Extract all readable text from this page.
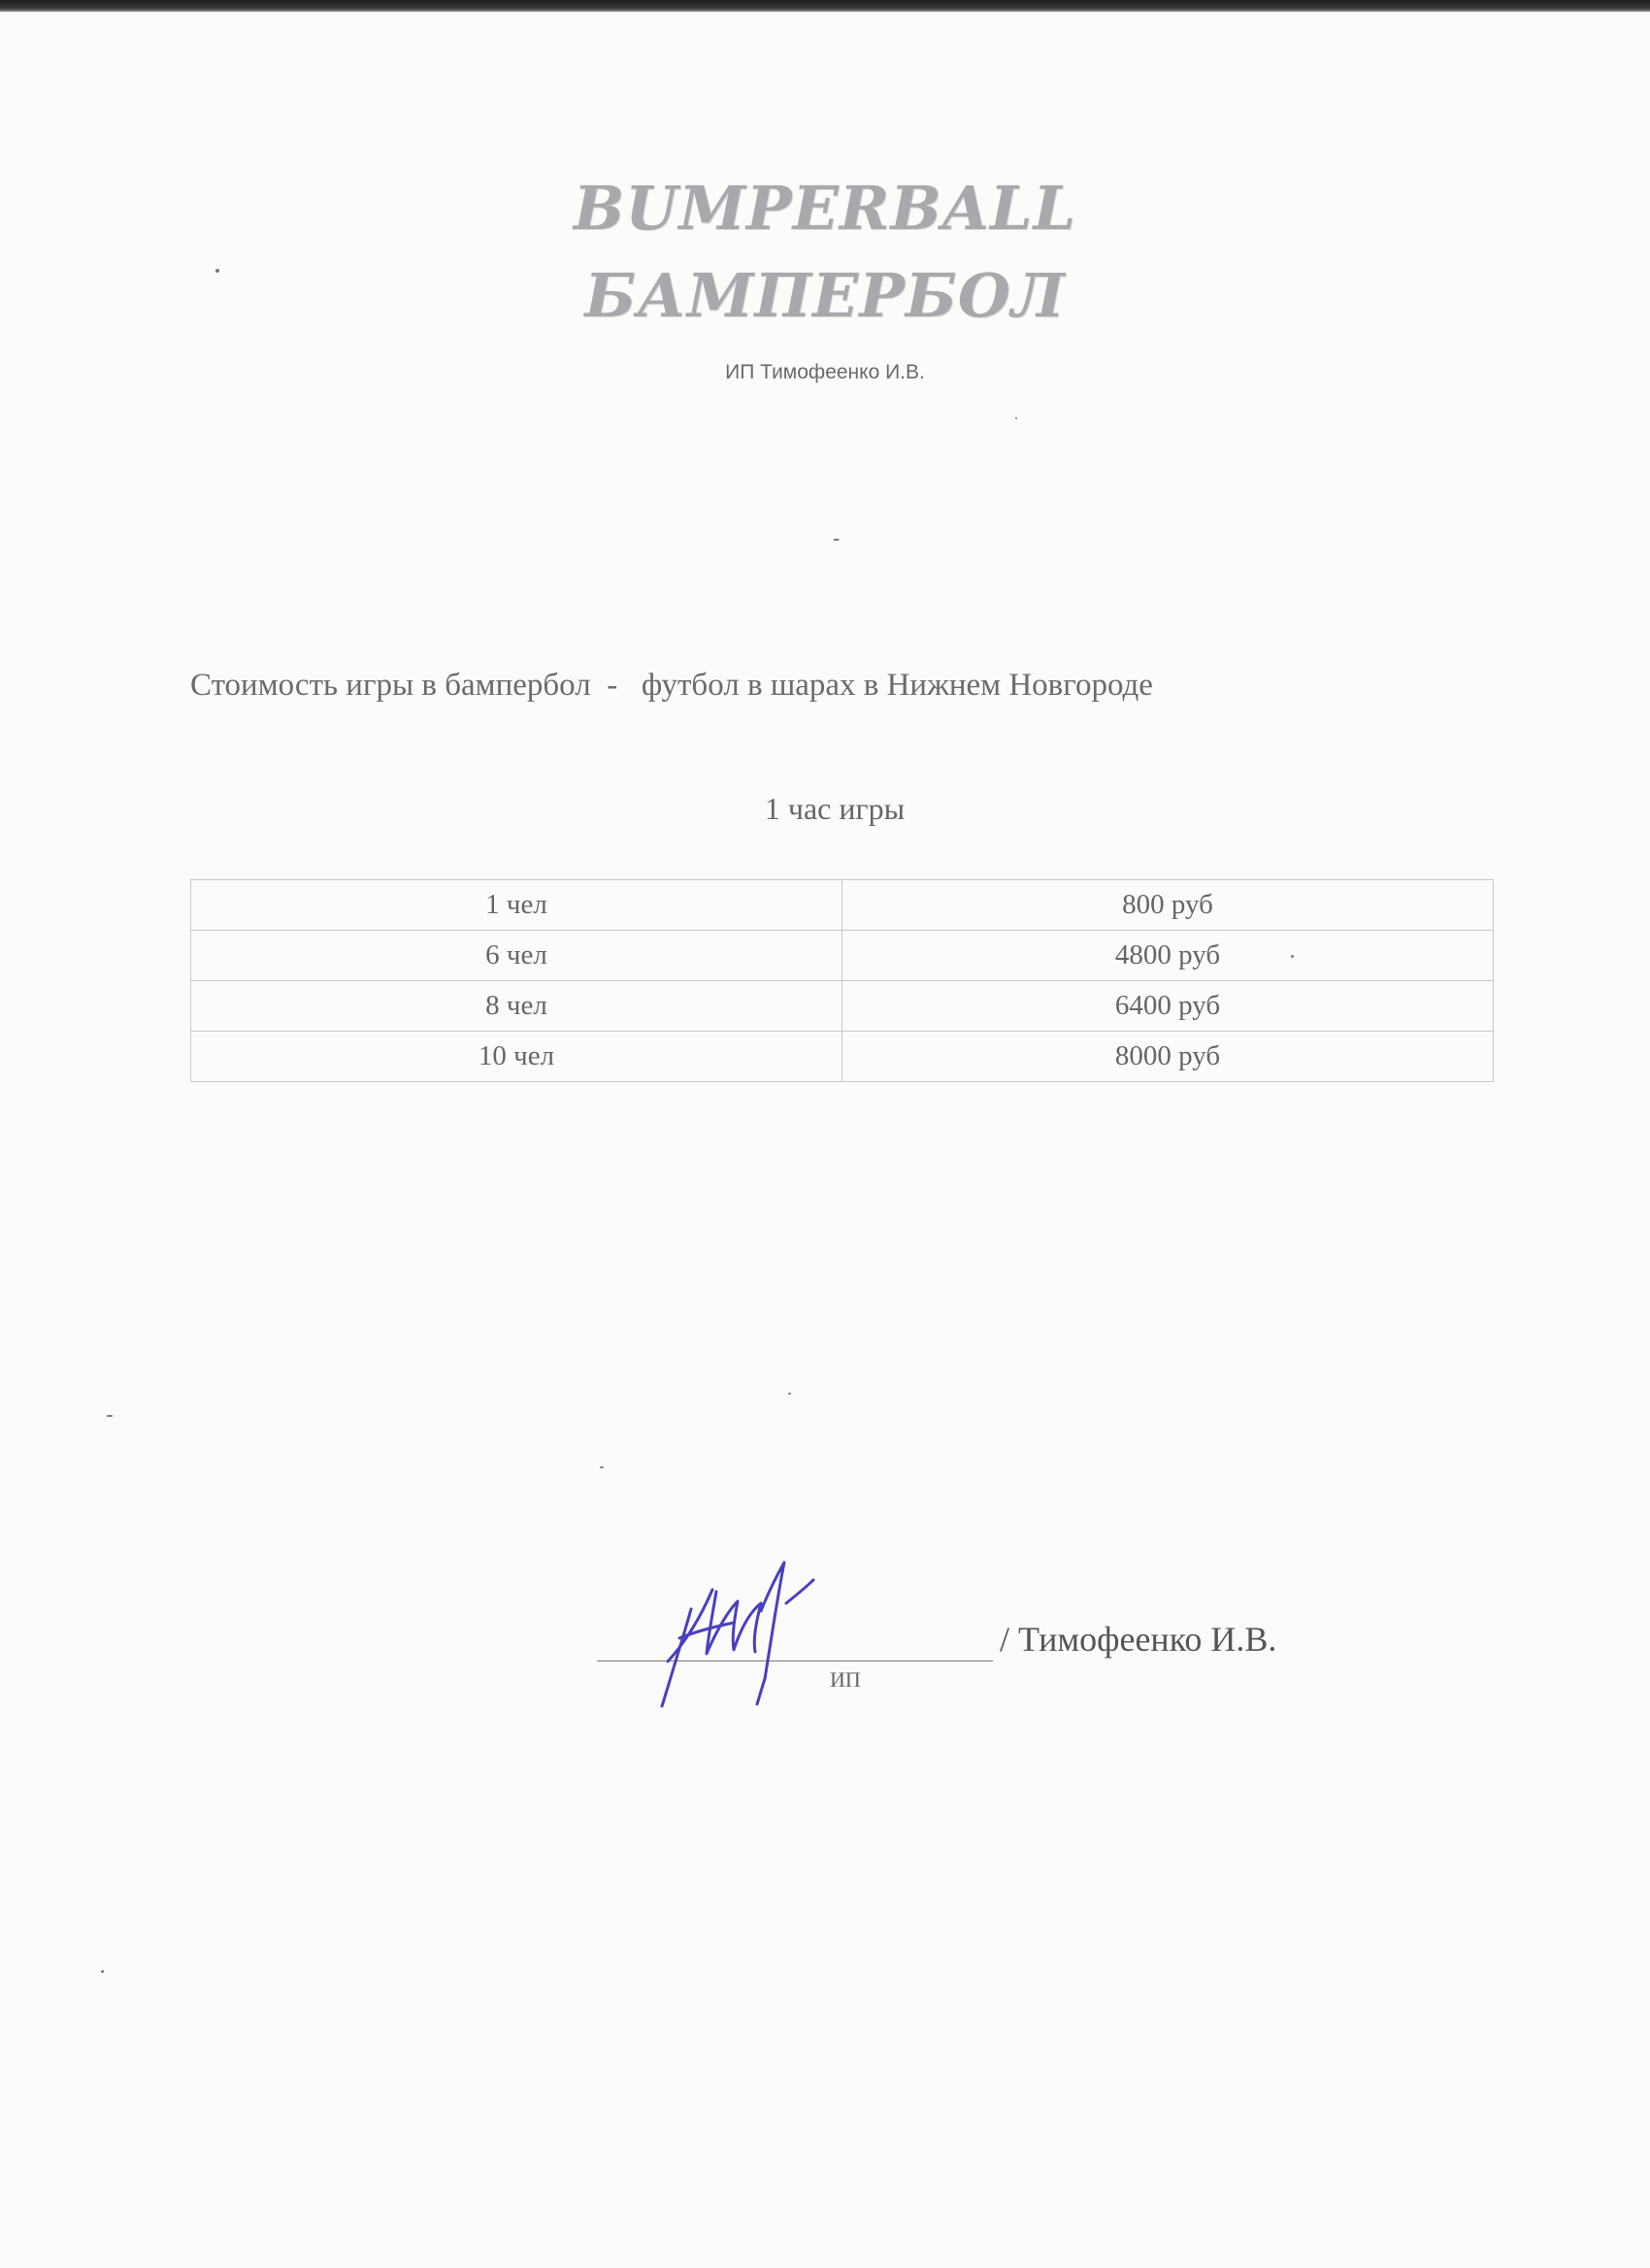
BUMPERBALL
БАМПЕРБОЛ
ИП Тимофеенко И.В.
-
Стоимость игры в бампербол  -   футбол в шарах в Нижнем Новгороде
1 час игры
1 чел	800 руб
6 чел	4800 руб
8 чел	6400 руб
10 чел	8000 руб
/ Тимофеенко И.В.
ИП
